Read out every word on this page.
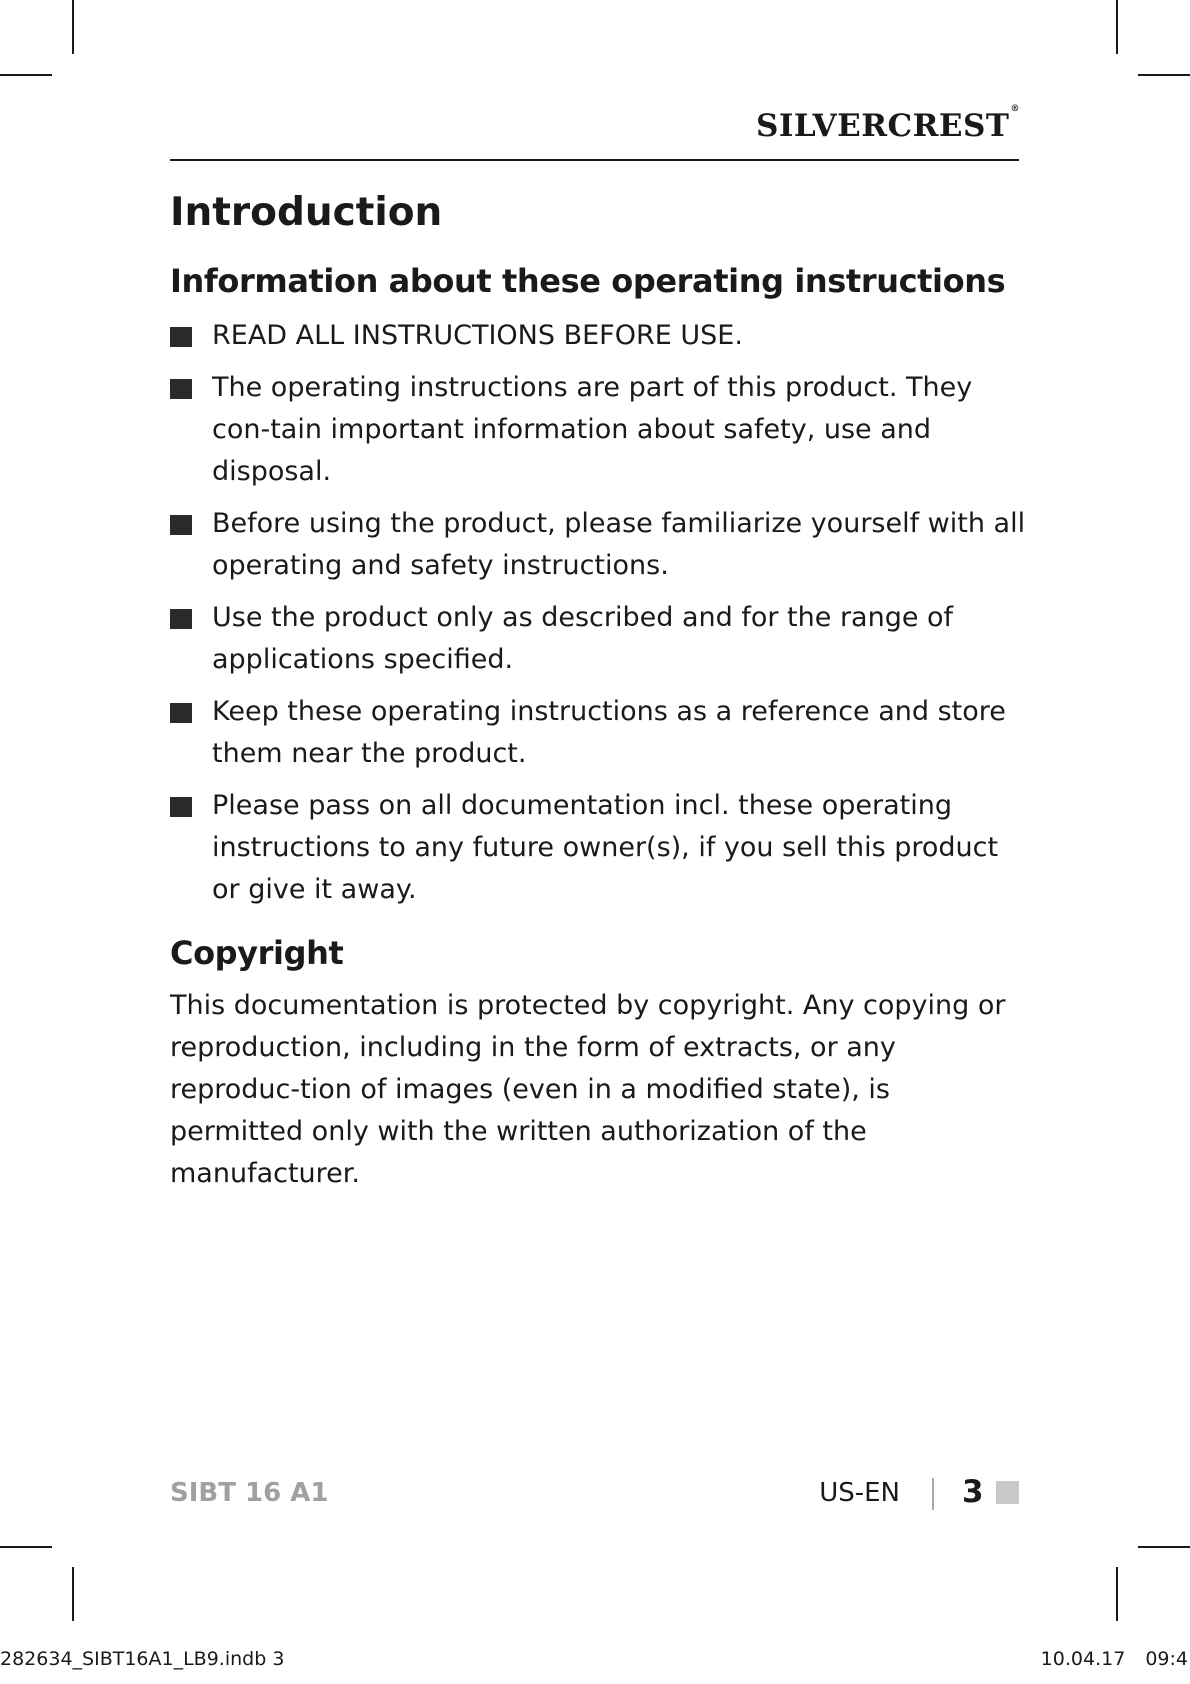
SILVERCREST®
Introduction
Information about these operating instructions
READ ALL INSTRUCTIONS BEFORE USE.
The operating instructions are part of this product. They con-tain important information about safety, use and disposal.
Before using the product, please familiarize yourself with all operating and safety instructions.
Use the product only as described and for the range of applications specified.
Keep these operating instructions as a reference and store them near the product.
Please pass on all documentation incl. these operating instructions to any future owner(s), if you sell this product or give it away.
Copyright

This documentation is protected by copyright. Any copying or reproduction, including in the form of extracts, or any reproduc-tion of images (even in a modified state), is permitted only with the written authorization of the manufacturer.

SIBT 16 A1	US-EN 3
282634_SIBT16A1_LB9.indb 3	10.04.17 09:4
